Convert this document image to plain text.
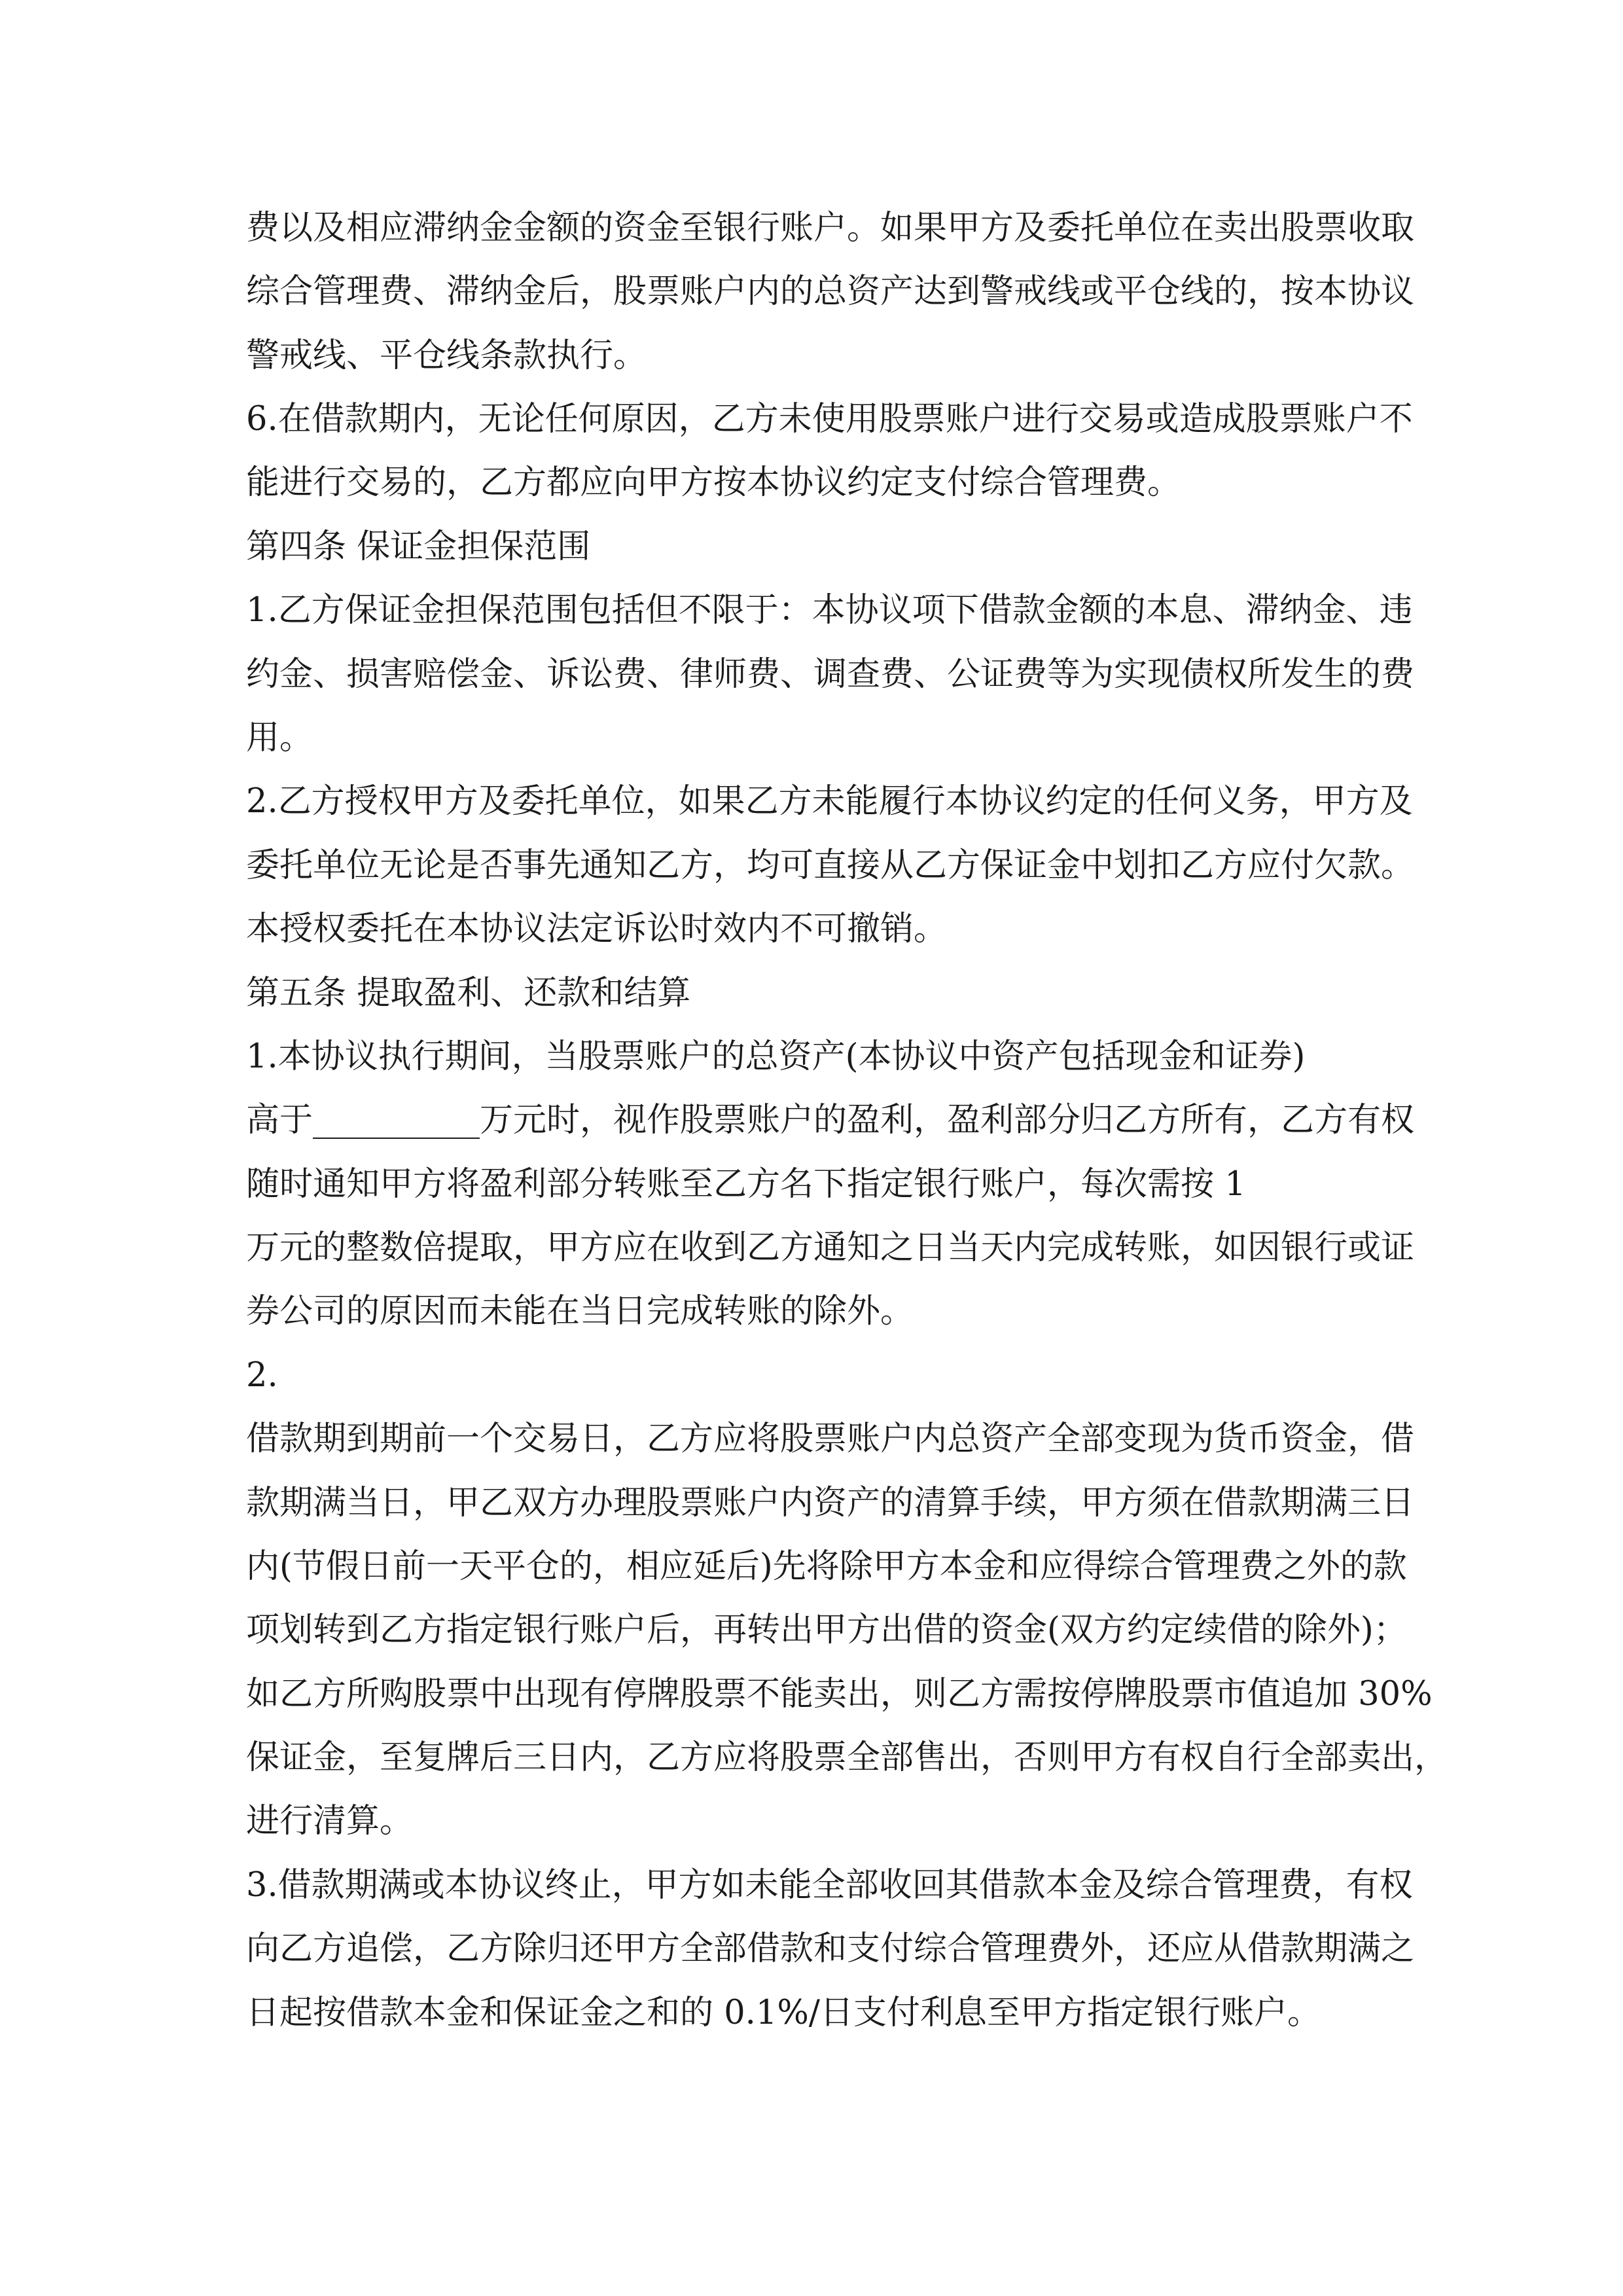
费以及相应滞纳金金额的资金至银行账户。如果甲方及委托单位在卖出股票收取
综合管理费、滞纳金后，股票账户内的总资产达到警戒线或平仓线的，按本协议
警戒线、平仓线条款执行。
6.在借款期内，无论任何原因，乙方未使用股票账户进行交易或造成股票账户不
能进行交易的，乙方都应向甲方按本协议约定支付综合管理费。
第四条 保证金担保范围
1.乙方保证金担保范围包括但不限于：本协议项下借款金额的本息、滞纳金、违
约金、损害赔偿金、诉讼费、律师费、调查费、公证费等为实现债权所发生的费
用。
2.乙方授权甲方及委托单位，如果乙方未能履行本协议约定的任何义务，甲方及
委托单位无论是否事先通知乙方，均可直接从乙方保证金中划扣乙方应付欠款。
本授权委托在本协议法定诉讼时效内不可撤销。
第五条 提取盈利、还款和结算
1.本协议执行期间，当股票账户的总资产(本协议中资产包括现金和证券)
高于__________万元时，视作股票账户的盈利，盈利部分归乙方所有，乙方有权
随时通知甲方将盈利部分转账至乙方名下指定银行账户，每次需按 1
万元的整数倍提取，甲方应在收到乙方通知之日当天内完成转账，如因银行或证
券公司的原因而未能在当日完成转账的除外。
2.
借款期到期前一个交易日，乙方应将股票账户内总资产全部变现为货币资金，借
款期满当日，甲乙双方办理股票账户内资产的清算手续，甲方须在借款期满三日
内(节假日前一天平仓的，相应延后)先将除甲方本金和应得综合管理费之外的款
项划转到乙方指定银行账户后，再转出甲方出借的资金(双方约定续借的除外)；
如乙方所购股票中出现有停牌股票不能卖出，则乙方需按停牌股票市值追加 30%
保证金，至复牌后三日内，乙方应将股票全部售出，否则甲方有权自行全部卖出，
进行清算。
3.借款期满或本协议终止，甲方如未能全部收回其借款本金及综合管理费，有权
向乙方追偿，乙方除归还甲方全部借款和支付综合管理费外，还应从借款期满之
日起按借款本金和保证金之和的 0.1%/日支付利息至甲方指定银行账户。
